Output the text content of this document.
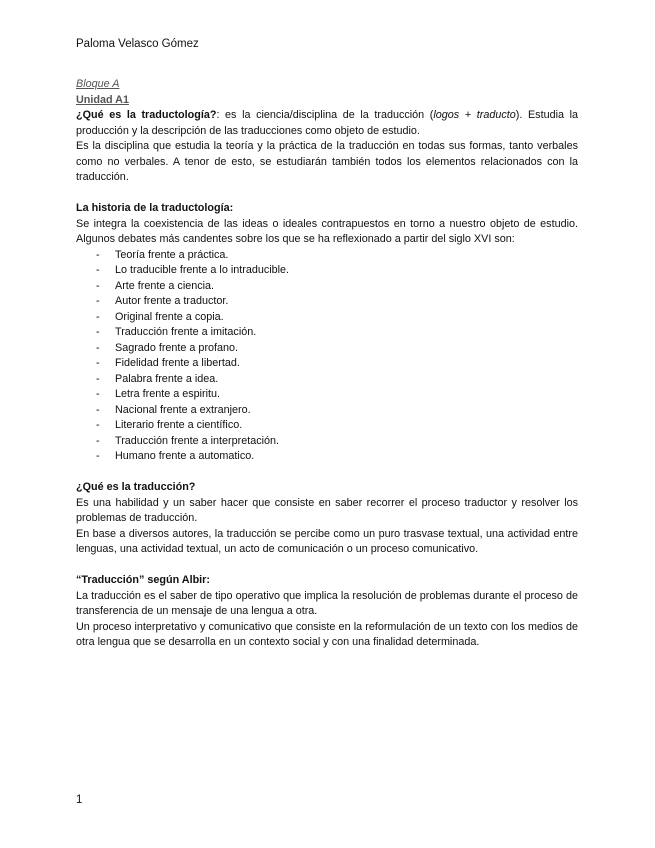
Paloma Velasco Gómez

Bloque A

Unidad A1

¿Qué es la traductología?: es la ciencia/disciplina de la traducción (logos + traducto). Estudia la producción y la descripción de las traducciones como objeto de estudio.

Es la disciplina que estudia la teoría y la práctica de la traducción en todas sus formas, tanto verbales como no verbales. A tenor de esto, se estudiarán también todos los elementos relacionados con la traducción.

La historia de la traductología:

Se integra la coexistencia de las ideas o ideales contrapuestos en torno a nuestro objeto de estudio. Algunos debates más candentes sobre los que se ha reflexionado a partir del siglo XVI son:

- Teoría frente a práctica.
- Lo traducible frente a lo intraducible.
- Arte frente a ciencia.
- Autor frente a traductor.
- Original frente a copia.
- Traducción frente a imitación.
- Sagrado frente a profano.
- Fidelidad frente a libertad.
- Palabra frente a idea.
- Letra frente a espiritu.
- Nacional frente a extranjero.
- Literario frente a científico.
- Traducción frente a interpretación.
- Humano frente a automatico.

¿Qué es la traducción?

Es una habilidad y un saber hacer que consiste en saber recorrer el proceso traductor y resolver los problemas de traducción.

En base a diversos autores, la traducción se percibe como un puro trasvase textual, una actividad entre lenguas, una actividad textual, un acto de comunicación o un proceso comunicativo.

“Traducción” según Albir:

La traducción es el saber de tipo operativo que implica la resolución de problemas durante el proceso de transferencia de un mensaje de una lengua a otra.

Un proceso interpretativo y comunicativo que consiste en la reformulación de un texto con los medios de otra lengua que se desarrolla en un contexto social y con una finalidad determinada.

1
